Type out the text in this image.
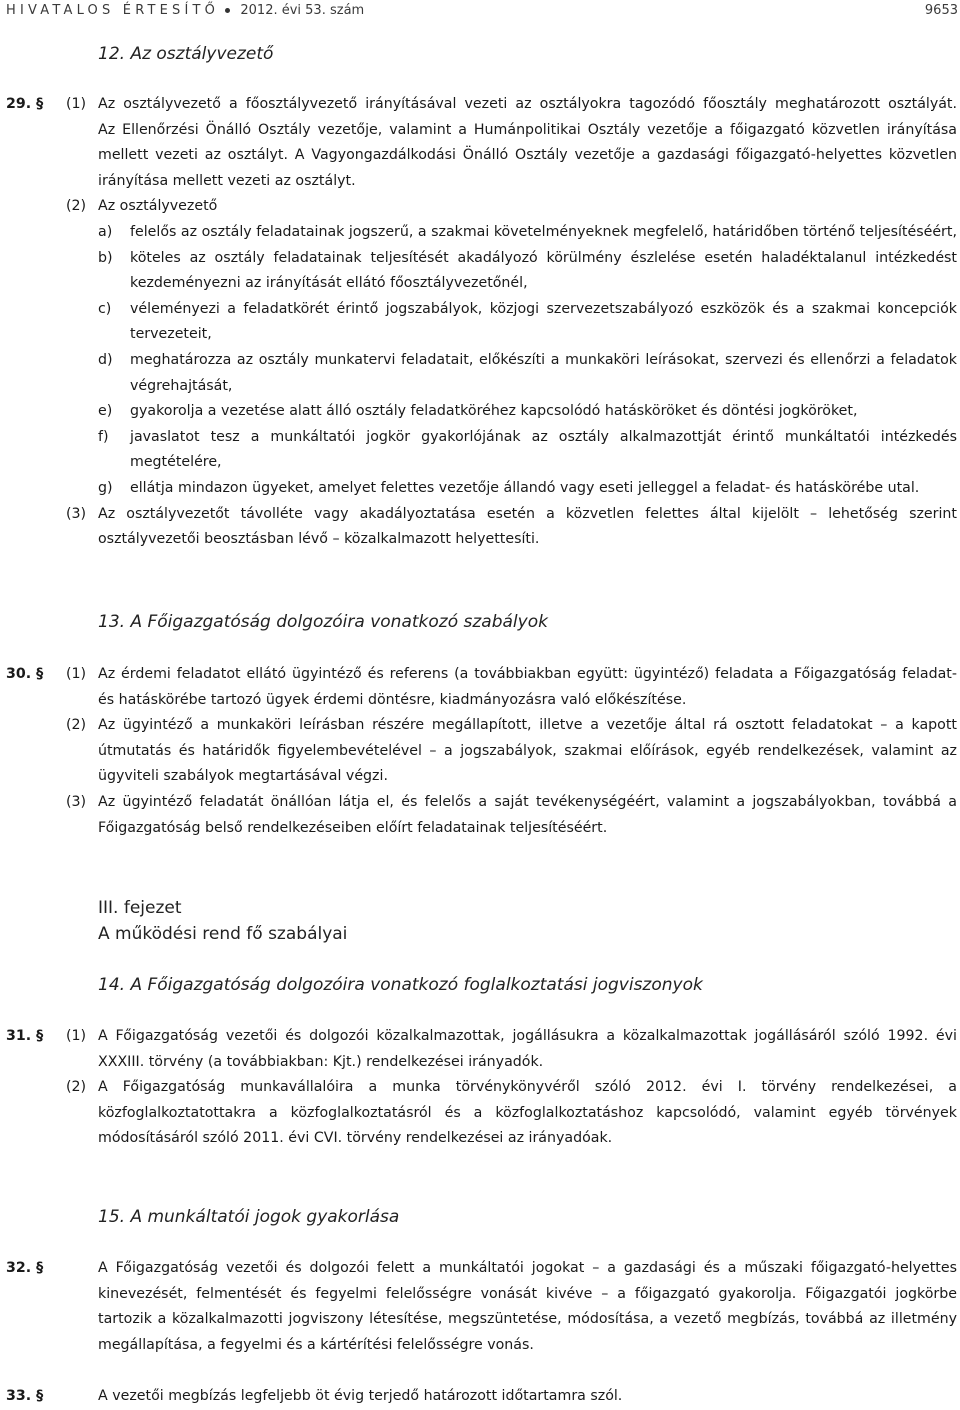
HIVATALOS ÉRTESÍTŐ 2012. évi 53. szám	9653
12. Az osztályvezető
29. § (1) Az osztályvezető a főosztályvezető irányításával vezeti az osztályokra tagozódó főosztály meghatározott osztályát.
Az Ellenőrzési Önálló Osztály vezetője, valamint a Humánpolitikai Osztály vezetője a főigazgató közvetlen irányítása
mellett vezeti az osztályt. A Vagyongazdálkodási Önálló Osztály vezetője a gazdasági főigazgató-helyettes közvetlen
irányítása mellett vezeti az osztályt.
(2) Az osztályvezető
a) felelős az osztály feladatainak jogszerű, a szakmai követelményeknek megfelelő, határidőben történő teljesítéséért,
b) köteles az osztály feladatainak teljesítését akadályozó körülmény észlelése esetén haladéktalanul intézkedést
kezdeményezni az irányítását ellátó főosztályvezetőnél,
c) véleményezi a feladatkörét érintő jogszabályok, közjogi szervezetszabályozó eszközök és a szakmai koncepciók
tervezeteit,
d) meghatározza az osztály munkatervi feladatait, előkészíti a munkaköri leírásokat, szervezi és ellenőrzi a feladatok
végrehajtását,
e) gyakorolja a vezetése alatt álló osztály feladatköréhez kapcsolódó hatásköröket és döntési jogköröket,
f) javaslatot tesz a munkáltatói jogkör gyakorlójának az osztály alkalmazottját érintő munkáltatói intézkedés
megtételére,
g) ellátja mindazon ügyeket, amelyet felettes vezetője állandó vagy eseti jelleggel a feladat- és hatáskörébe utal.
(3) Az osztályvezetőt távolléte vagy akadályoztatása esetén a közvetlen felettes által kijelölt – lehetőség szerint
osztályvezetői beosztásban lévő – közalkalmazott helyettesíti.
13. A Főigazgatóság dolgozóira vonatkozó szabályok
30. § (1) Az érdemi feladatot ellátó ügyintéző és referens (a továbbiakban együtt: ügyintéző) feladata a Főigazgatóság feladat-
és hatáskörébe tartozó ügyek érdemi döntésre, kiadmányozásra való előkészítése.
(2) Az ügyintéző a munkaköri leírásban részére megállapított, illetve a vezetője által rá osztott feladatokat – a kapott
útmutatás és határidők figyelembevételével – a jogszabályok, szakmai előírások, egyéb rendelkezések, valamint az
ügyviteli szabályok megtartásával végzi.
(3) Az ügyintéző feladatát önállóan látja el, és felelős a saját tevékenységéért, valamint a jogszabályokban, továbbá a
Főigazgatóság belső rendelkezéseiben előírt feladatainak teljesítéséért.
III. fejezet
A működési rend fő szabályai
14. A Főigazgatóság dolgozóira vonatkozó foglalkoztatási jogviszonyok
31. § (1) A Főigazgatóság vezetői és dolgozói közalkalmazottak, jogállásukra a közalkalmazottak jogállásáról szóló 1992. évi
XXXIII. törvény (a továbbiakban: Kjt.) rendelkezései irányadók.
(2) A Főigazgatóság munkavállalóira a munka törvénykönyvéről szóló 2012. évi I. törvény rendelkezései, a
közfoglalkoztatottakra a közfoglalkoztatásról és a közfoglalkoztatáshoz kapcsolódó, valamint egyéb törvények
módosításáról szóló 2011. évi CVI. törvény rendelkezései az irányadóak.
15. A munkáltatói jogok gyakorlása
32. §	A Főigazgatóság vezetői és dolgozói felett a munkáltatói jogokat – a gazdasági és a műszaki főigazgató-helyettes
kinevezését, felmentését és fegyelmi felelősségre vonását kivéve – a főigazgató gyakorolja. Főigazgatói jogkörbe
tartozik a közalkalmazotti jogviszony létesítése, megszüntetése, módosítása, a vezető megbízás, továbbá az illetmény
megállapítása, a fegyelmi és a kártérítési felelősségre vonás.
33. §	A vezetői megbízás legfeljebb öt évig terjedő határozott időtartamra szól.
